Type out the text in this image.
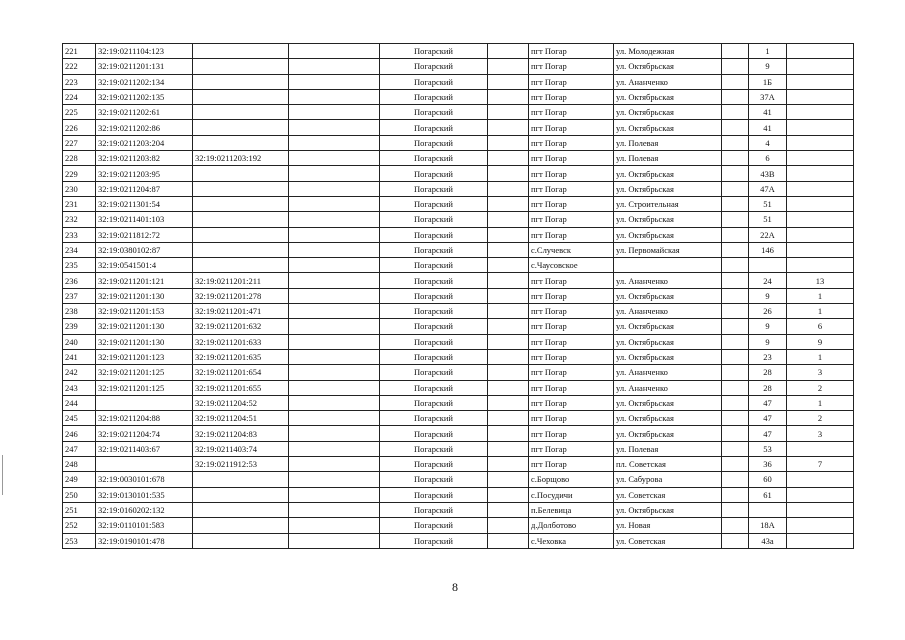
221	32:19:0211104:123			Погарский		пгт Погар	ул. Молодежная		1	
222	32:19:0211201:131			Погарский		пгт Погар	ул. Октябрьская		9	
223	32:19:0211202:134			Погарский		пгт Погар	ул. Ананченко		1Б	
224	32:19:0211202:135			Погарский		пгт Погар	ул. Октябрьская		37А	
225	32:19:0211202:61			Погарский		пгт Погар	ул. Октябрьская		41	
226	32:19:0211202:86			Погарский		пгт Погар	ул. Октябрьская		41	
227	32:19:0211203:204			Погарский		пгт Погар	ул. Полевая		4	
228	32:19:0211203:82	32:19:0211203:192		Погарский		пгт Погар	ул. Полевая		6	
229	32:19:0211203:95			Погарский		пгт Погар	ул. Октябрьская		43В	
230	32:19:0211204:87			Погарский		пгт Погар	ул. Октябрьская		47А	
231	32:19:0211301:54			Погарский		пгт Погар	ул. Строительная		51	
232	32:19:0211401:103			Погарский		пгт Погар	ул. Октябрьская		51	
233	32:19:0211812:72			Погарский		пгт Погар	ул. Октябрьская		22А	
234	32:19:0380102:87			Погарский		с.Случевск	ул. Первомайская		146	
235	32:19:0541501:4			Погарский		с.Чаусовское				
236	32:19:0211201:121	32:19:0211201:211		Погарский		пгт Погар	ул. Ананченко		24	13
237	32:19:0211201:130	32:19:0211201:278		Погарский		пгт Погар	ул. Октябрьская		9	1
238	32:19:0211201:153	32:19:0211201:471		Погарский		пгт Погар	ул. Ананченко		26	1
239	32:19:0211201:130	32:19:0211201:632		Погарский		пгт Погар	ул. Октябрьская		9	6
240	32:19:0211201:130	32:19:0211201:633		Погарский		пгт Погар	ул. Октябрьская		9	9
241	32:19:0211201:123	32:19:0211201:635		Погарский		пгт Погар	ул. Октябрьская		23	1
242	32:19:0211201:125	32:19:0211201:654		Погарский		пгт Погар	ул. Ананченко		28	3
243	32:19:0211201:125	32:19:0211201:655		Погарский		пгт Погар	ул. Ананченко		28	2
244		32:19:0211204:52		Погарский		пгт Погар	ул. Октябрьская		47	1
245	32:19:0211204:88	32:19:0211204:51		Погарский		пгт Погар	ул. Октябрьская		47	2
246	32:19:0211204:74	32:19:0211204:83		Погарский		пгт Погар	ул. Октябрьская		47	3
247	32:19:0211403:67	32:19:0211403:74		Погарский		пгт Погар	ул. Полевая		53	
248		32:19:0211912:53		Погарский		пгт Погар	пл. Советская		36	7
249	32:19:0030101:678			Погарский		с.Борщово	ул. Сабурова		60	
250	32:19:0130101:535			Погарский		с.Посудичи	ул. Советская		61	
251	32:19:0160202:132			Погарский		п.Белевица	ул. Октябрьская			
252	32:19:0110101:583			Погарский		д.Долботово	ул. Новая		18А	
253	32:19:0190101:478			Погарский		с.Чеховка	ул. Советская		43а	
8
